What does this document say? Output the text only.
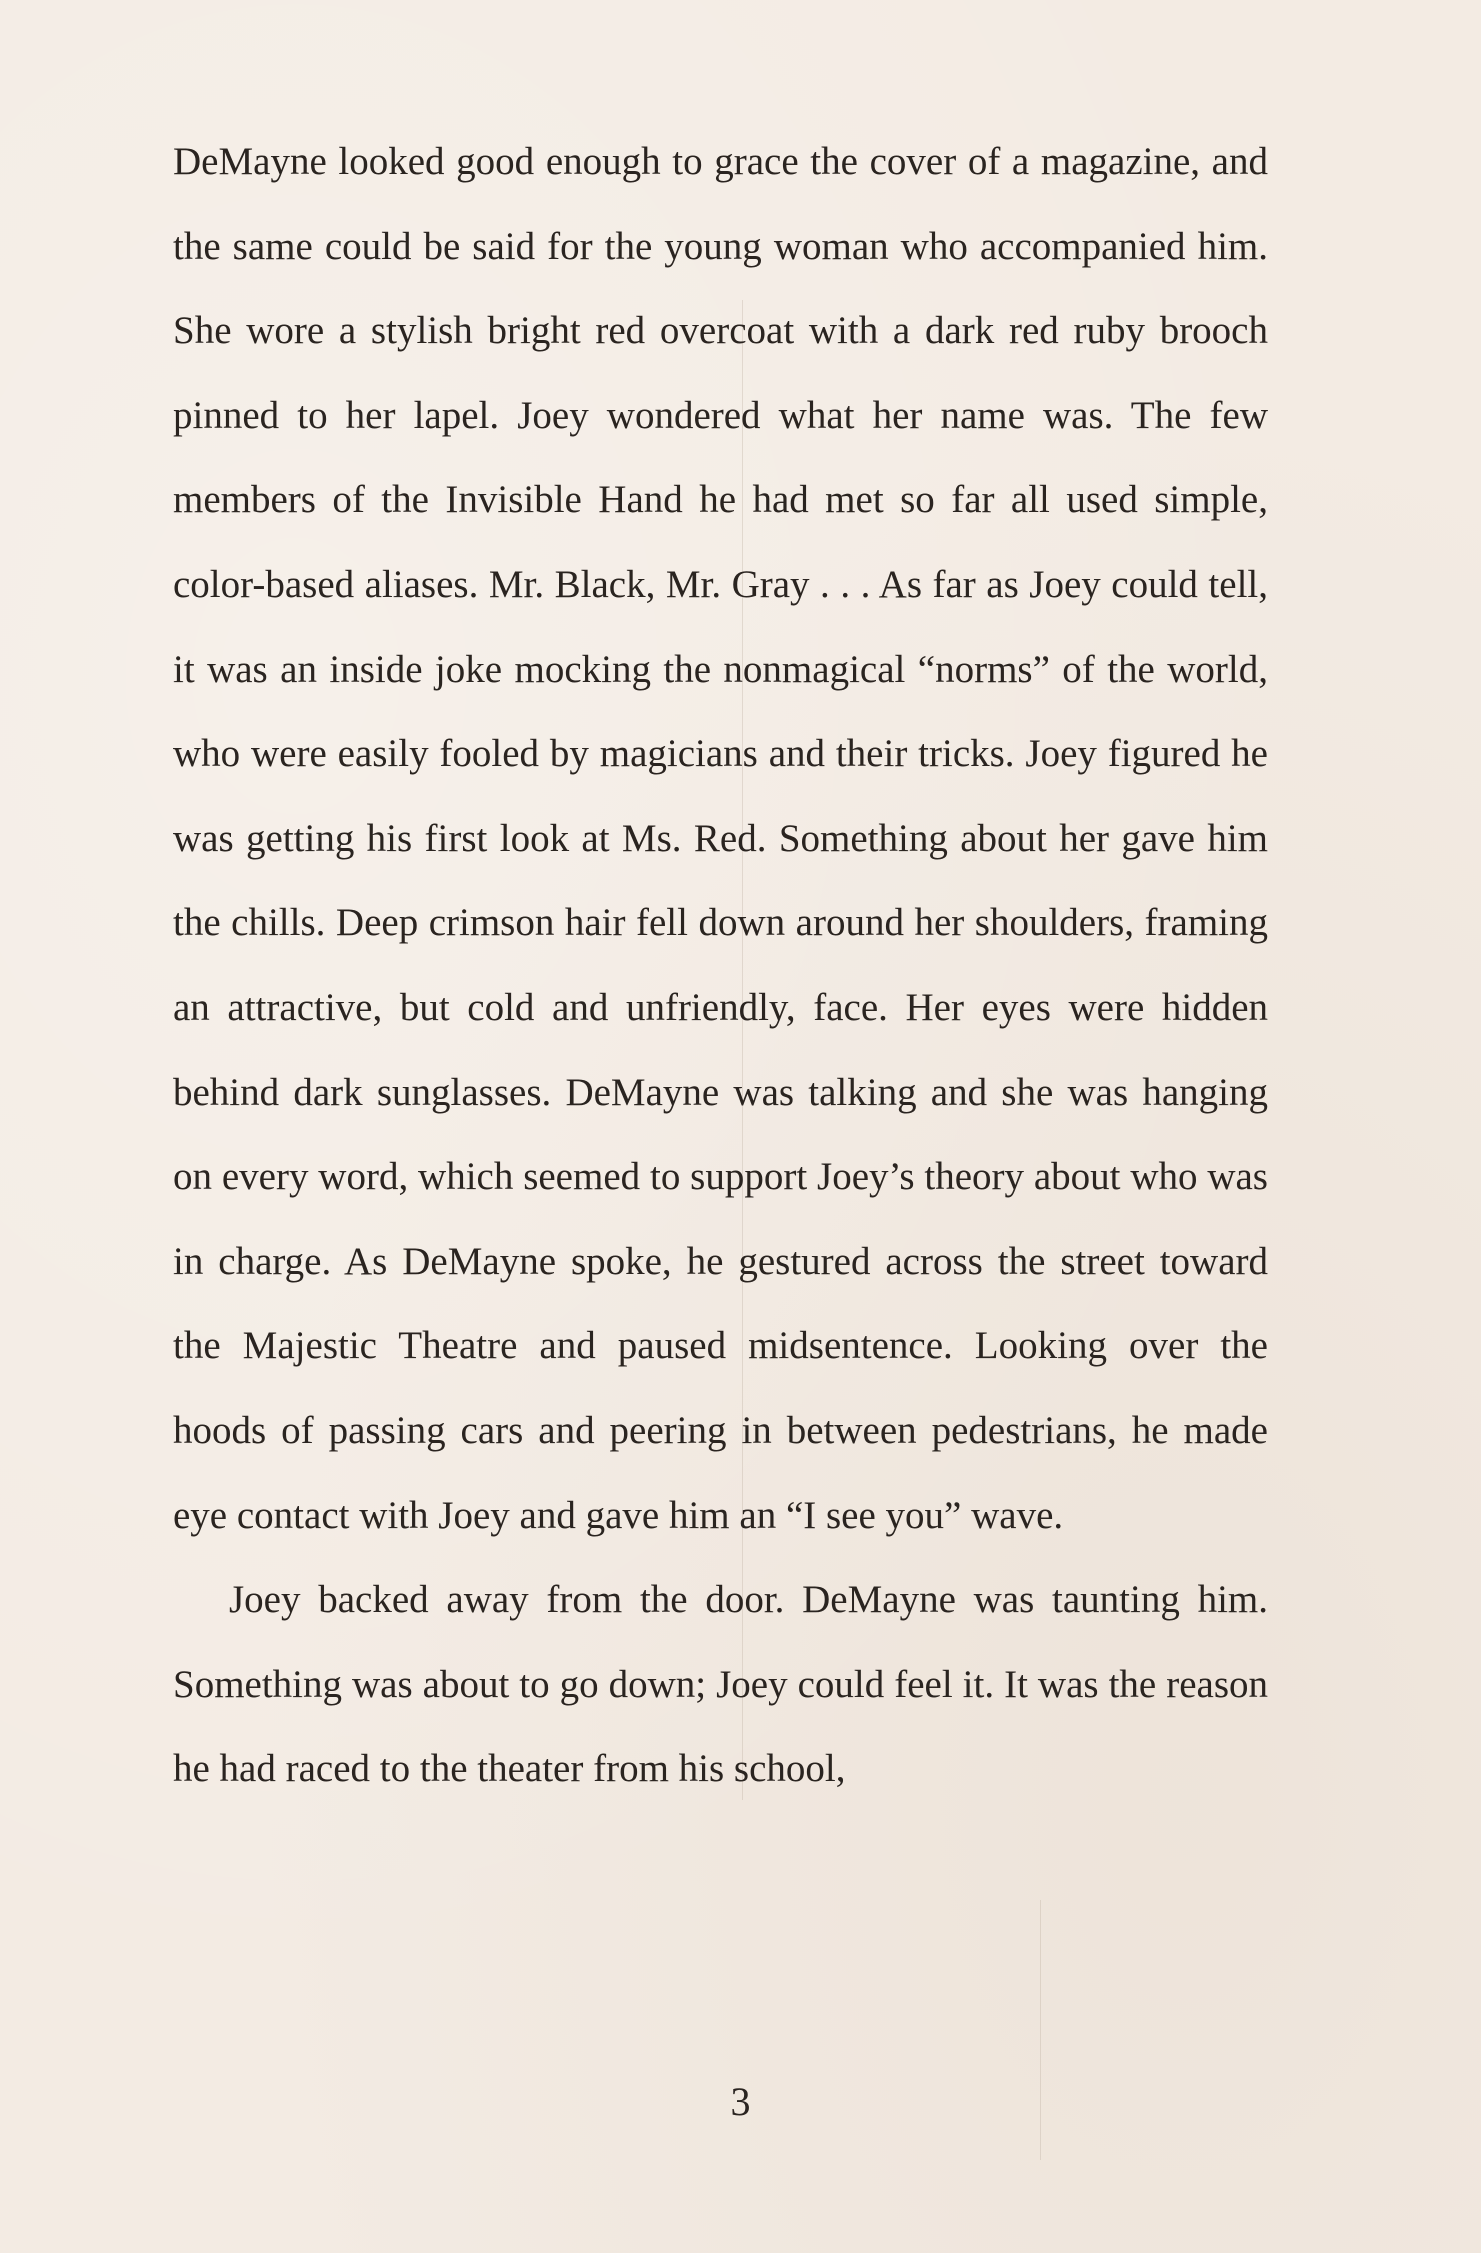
DeMayne looked good enough to grace the cover of a magazine, and the same could be said for the young woman who accompanied him. She wore a stylish bright red overcoat with a dark red ruby brooch pinned to her lapel. Joey wondered what her name was. The few members of the Invisible Hand he had met so far all used simple, color-based aliases. Mr. Black, Mr. Gray . . . As far as Joey could tell, it was an inside joke mocking the nonmagical “norms” of the world, who were easily fooled by magicians and their tricks. Joey figured he was getting his first look at Ms. Red. Something about her gave him the chills. Deep crimson hair fell down around her shoulders, framing an attractive, but cold and unfriendly, face. Her eyes were hidden behind dark sunglasses. DeMayne was talking and she was hanging on every word, which seemed to support Joey’s theory about who was in charge. As DeMayne spoke, he gestured across the street toward the Majestic Theatre and paused midsentence. Looking over the hoods of passing cars and peering in between pedestrians, he made eye contact with Joey and gave him an “I see you” wave.

Joey backed away from the door. DeMayne was taunting him. Something was about to go down; Joey could feel it. It was the reason he had raced to the theater from his school,

3
